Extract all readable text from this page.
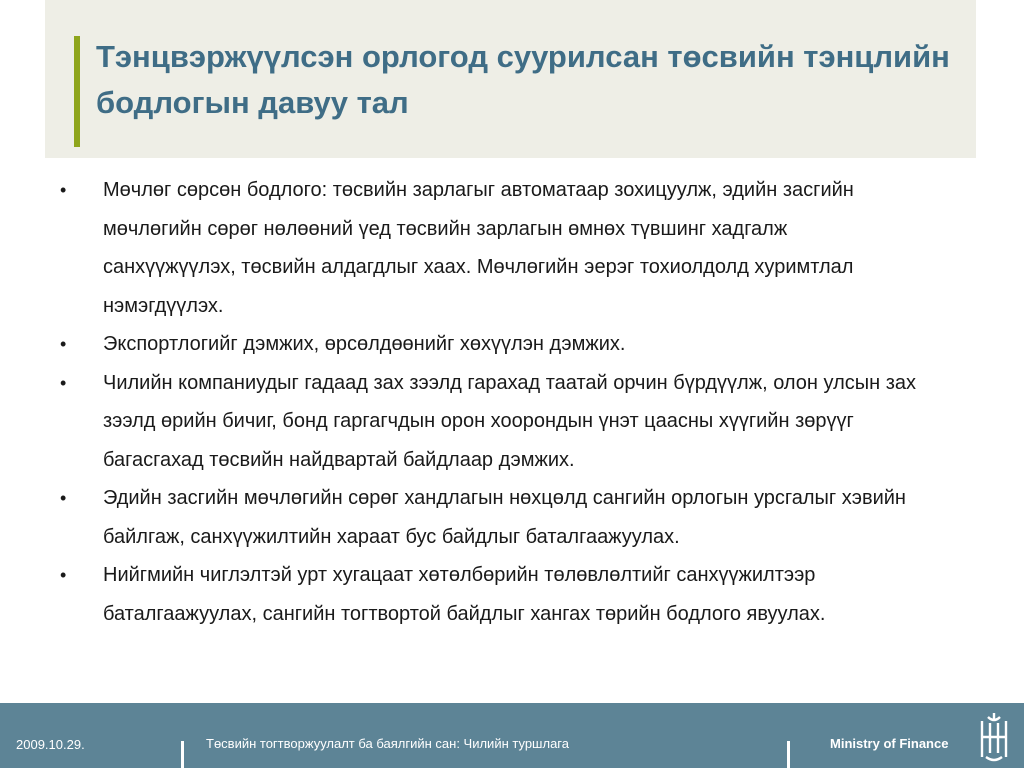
Тэнцвэржүүлсэн орлогод суурилсан төсвийн тэнцлийн бодлогын давуу тал
• Мөчлөг сөрсөн бодлого: төсвийн зарлагыг автоматаар зохицуулж, эдийн засгийн мөчлөгийн сөрөг нөлөөний үед төсвийн зарлагын өмнөх түвшинг хадгалж санхүүжүүлэх, төсвийн алдагдлыг хаах. Мөчлөгийн эерэг тохиолдолд хуримтлал нэмэгдүүлэх.
• Экспортлогийг дэмжих, өрсөлдөөнийг хөхүүлэн дэмжих.
• Чилийн компаниудыг гадаад зах зээлд гарахад таатай орчин бүрдүүлж, олон улсын зах зээлд өрийн бичиг, бонд гаргагчдын орон хоорондын үнэт цаасны хүүгийн зөрүүг багасгахад төсвийн найдвартай байдлаар дэмжих.
• Эдийн засгийн мөчлөгийн сөрөг хандлагын нөхцөлд сангийн орлогын урсгалыг хэвийн байлгаж, санхүүжилтийн хараат бус байдлыг баталгаажуулах.
• Нийгмийн чиглэлтэй урт хугацаат хөтөлбөрийн төлөвлөлтийг санхүүжилтээр баталгаажуулах, сангийн тогтвортой байдлыг хангах төрийн бодлого явуулах.
2009.10.29.	Төсвийн тогтворжуулалт ба баялгийн сан: Чилийн туршлага	Ministry of Finance
